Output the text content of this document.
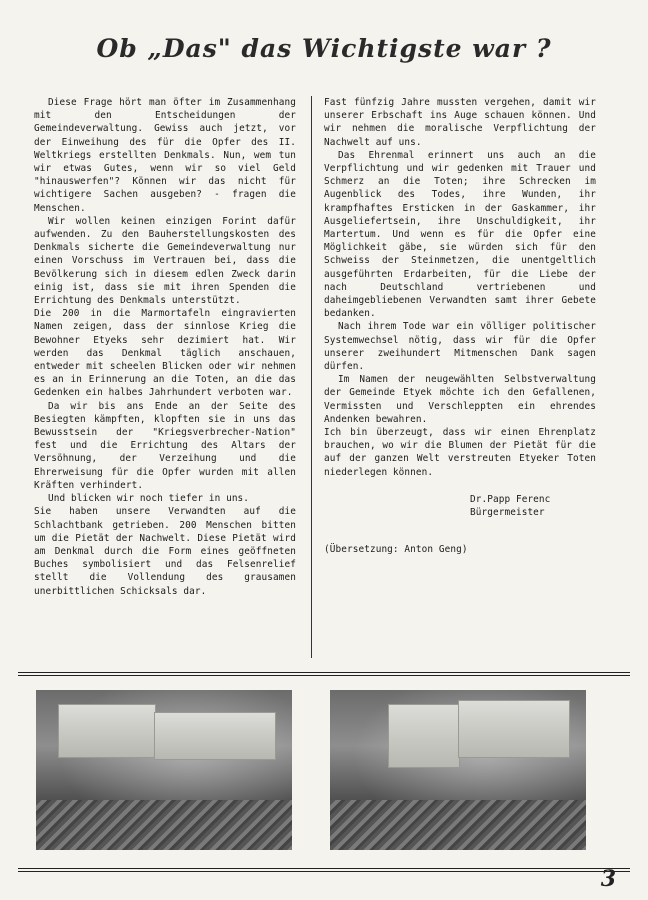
Ob „Das" das Wichtigste war ?

Diese Frage hört man öfter im Zusammenhang mit den Entscheidungen der Gemeindeverwaltung. Gewiss auch jetzt, vor der Einweihung des für die Opfer des II. Weltkriegs erstellten Denkmals. Nun, wem tun wir etwas Gutes, wenn wir so viel Geld "hinauswerfen"? Können wir das nicht für wichtigere Sachen ausgeben? - fragen die Menschen.

Wir wollen keinen einzigen Forint dafür aufwenden. Zu den Bauherstellungskosten des Denkmals sicherte die Gemeindeverwaltung nur einen Vorschuss im Vertrauen bei, dass die Bevölkerung sich in diesem edlen Zweck darin einig ist, dass sie mit ihren Spenden die Errichtung des Denkmals unterstützt.

Die 200 in die Marmortafeln eingravierten Namen zeigen, dass der sinnlose Krieg die Bewohner Etyeks sehr dezimiert hat. Wir werden das Denkmal täglich anschauen, entweder mit scheelen Blicken oder wir nehmen es an in Erinnerung an die Toten, an die das Gedenken ein halbes Jahrhundert verboten war.

Da wir bis ans Ende an der Seite des Besiegten kämpften, klopften sie in uns das Bewusstsein der "Kriegsverbrecher-Nation" fest und die Errichtung des Altars der Versöhnung, der Verzeihung und die Ehrerweisung für die Opfer wurden mit allen Kräften verhindert.

Und blicken wir noch tiefer in uns.

Sie haben unsere Verwandten auf die Schlachtbank getrieben. 200 Menschen bitten um die Pietät der Nachwelt. Diese Pietät wird am Denkmal durch die Form eines geöffneten Buches symbolisiert und das Felsenrelief stellt die Vollendung des grausamen unerbittlichen Schicksals dar.

Fast fünfzig Jahre mussten vergehen, damit wir unserer Erbschaft ins Auge schauen können. Und wir nehmen die moralische Verpflichtung der Nachwelt auf uns.

Das Ehrenmal erinnert uns auch an die Verpflichtung und wir gedenken mit Trauer und Schmerz an die Toten; ihre Schrecken im Augenblick des Todes, ihre Wunden, ihr krampfhaftes Ersticken in der Gaskammer, ihr Ausgeliefertsein, ihre Unschuldigkeit, ihr Martertum. Und wenn es für die Opfer eine Möglichkeit gäbe, sie würden sich für den Schweiss der Steinmetzen, die unentgeltlich ausgeführten Erdarbeiten, für die Liebe der nach Deutschland vertriebenen und daheimgebliebenen Verwandten samt ihrer Gebete bedanken.

Nach ihrem Tode war ein völliger politischer Systemwechsel nötig, dass wir für die Opfer unserer zweihundert Mitmenschen Dank sagen dürfen.

Im Namen der neugewählten Selbstverwaltung der Gemeinde Etyek möchte ich den Gefallenen, Vermissten und Verschleppten ein ehrendes Andenken bewahren.

Ich bin überzeugt, dass wir einen Ehrenplatz brauchen, wo wir die Blumen der Pietät für die auf der ganzen Welt verstreuten Etyeker Toten niederlegen können.

Dr.Papp Ferenc
Bürgermeister
(Übersetzung: Anton Geng)
3
